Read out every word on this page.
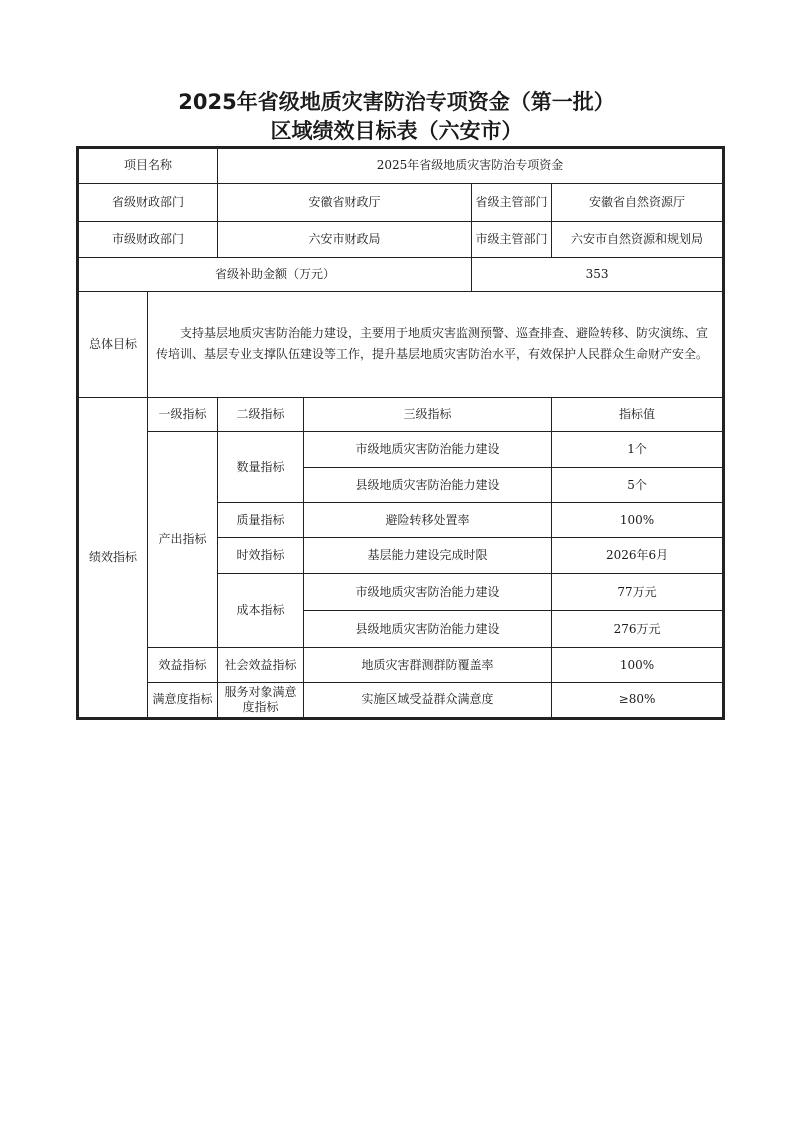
2025年省级地质灾害防治专项资金（第一批）
区域绩效目标表（六安市）
项目名称		2025年省级地质灾害防治专项资金			
省级财政部门		安徽省财政厅		省级主管部门	安徽省自然资源厅
市级财政部门		六安市财政局		市级主管部门	六安市自然资源和规划局
省级补助金额（万元）				353	
总体目标	　　支持基层地质灾害防治能力建设，主要用于地质灾害监测预警、巡查排查、避险转移、防灾演练、宣传培训、基层专业支撑队伍建设等工作，提升基层地质灾害防治水平，有效保护人民群众生命财产安全。				
绩效指标	一级指标	二级指标	三级指标		指标值
	产出指标	数量指标	市级地质灾害防治能力建设		1个
			县级地质灾害防治能力建设		5个
		质量指标	避险转移处置率		100%
		时效指标	基层能力建设完成时限		2026年6月
		成本指标	市级地质灾害防治能力建设		77万元
			县级地质灾害防治能力建设		276万元
	效益指标	社会效益指标	地质灾害群测群防覆盖率		100%
	满意度指标	服务对象满意度指标	实施区域受益群众满意度		≥80%
